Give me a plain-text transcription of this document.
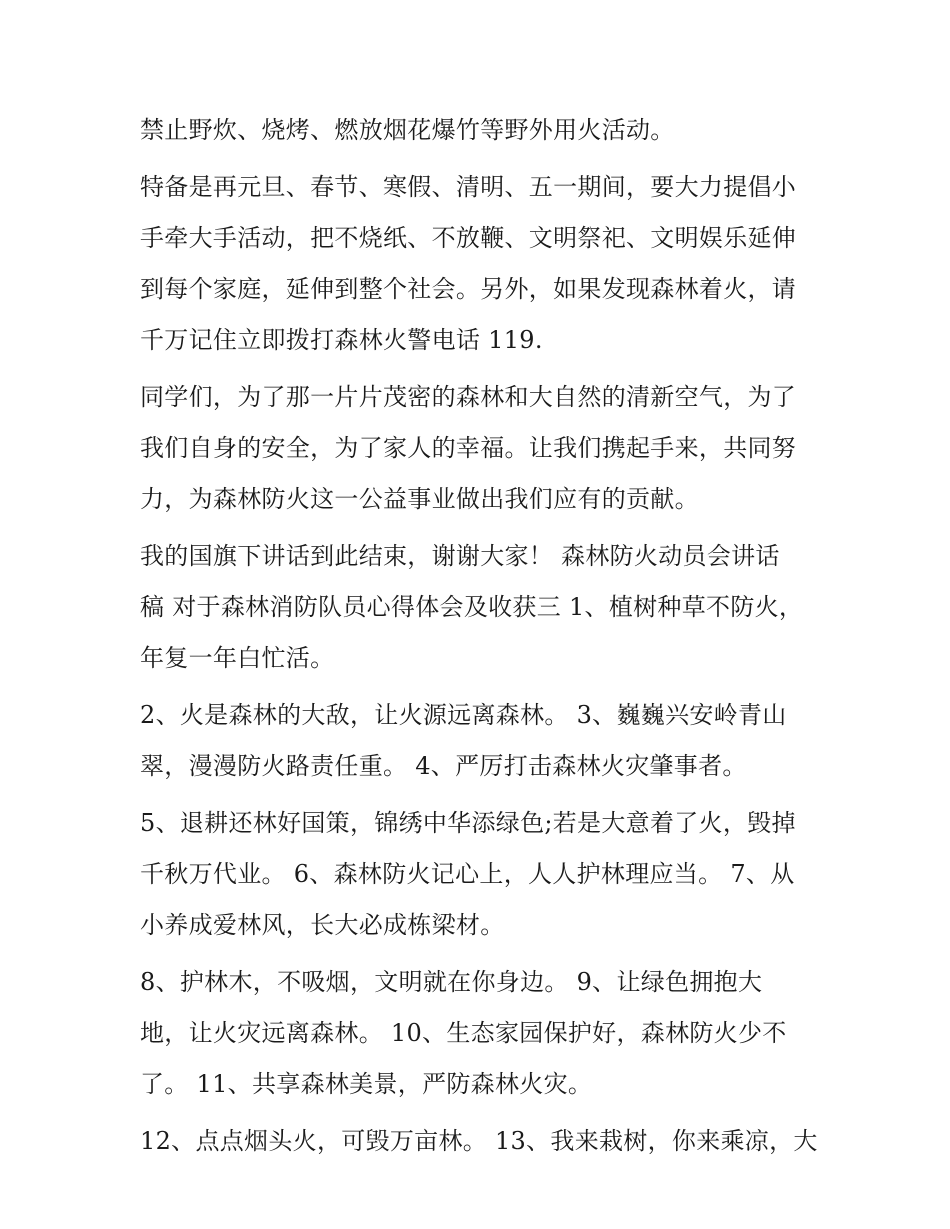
禁止野炊、烧烤、燃放烟花爆竹等野外用火活动。
特备是再元旦、春节、寒假、清明、五一期间，要大力提倡小
手牵大手活动，把不烧纸、不放鞭、文明祭祀、文明娱乐延伸
到每个家庭，延伸到整个社会。另外，如果发现森林着火，请
千万记住立即拨打森林火警电话 119.
同学们，为了那一片片茂密的森林和大自然的清新空气，为了
我们自身的安全，为了家人的幸福。让我们携起手来，共同努
力，为森林防火这一公益事业做出我们应有的贡献。
我的国旗下讲话到此结束，谢谢大家！ 森林防火动员会讲话
稿 对于森林消防队员心得体会及收获三 1、植树种草不防火，
年复一年白忙活。
2、火是森林的大敌，让火源远离森林。 3、巍巍兴安岭青山
翠，漫漫防火路责任重。 4、严厉打击森林火灾肇事者。
5、退耕还林好国策，锦绣中华添绿色;若是大意着了火，毁掉
千秋万代业。 6、森林防火记心上，人人护林理应当。 7、从
小养成爱林风，长大必成栋梁材。
8、护林木，不吸烟，文明就在你身边。 9、让绿色拥抱大
地，让火灾远离森林。 10、生态家园保护好，森林防火少不
了。 11、共享森林美景，严防森林火灾。
12、点点烟头火，可毁万亩林。 13、我来栽树，你来乘凉，大
